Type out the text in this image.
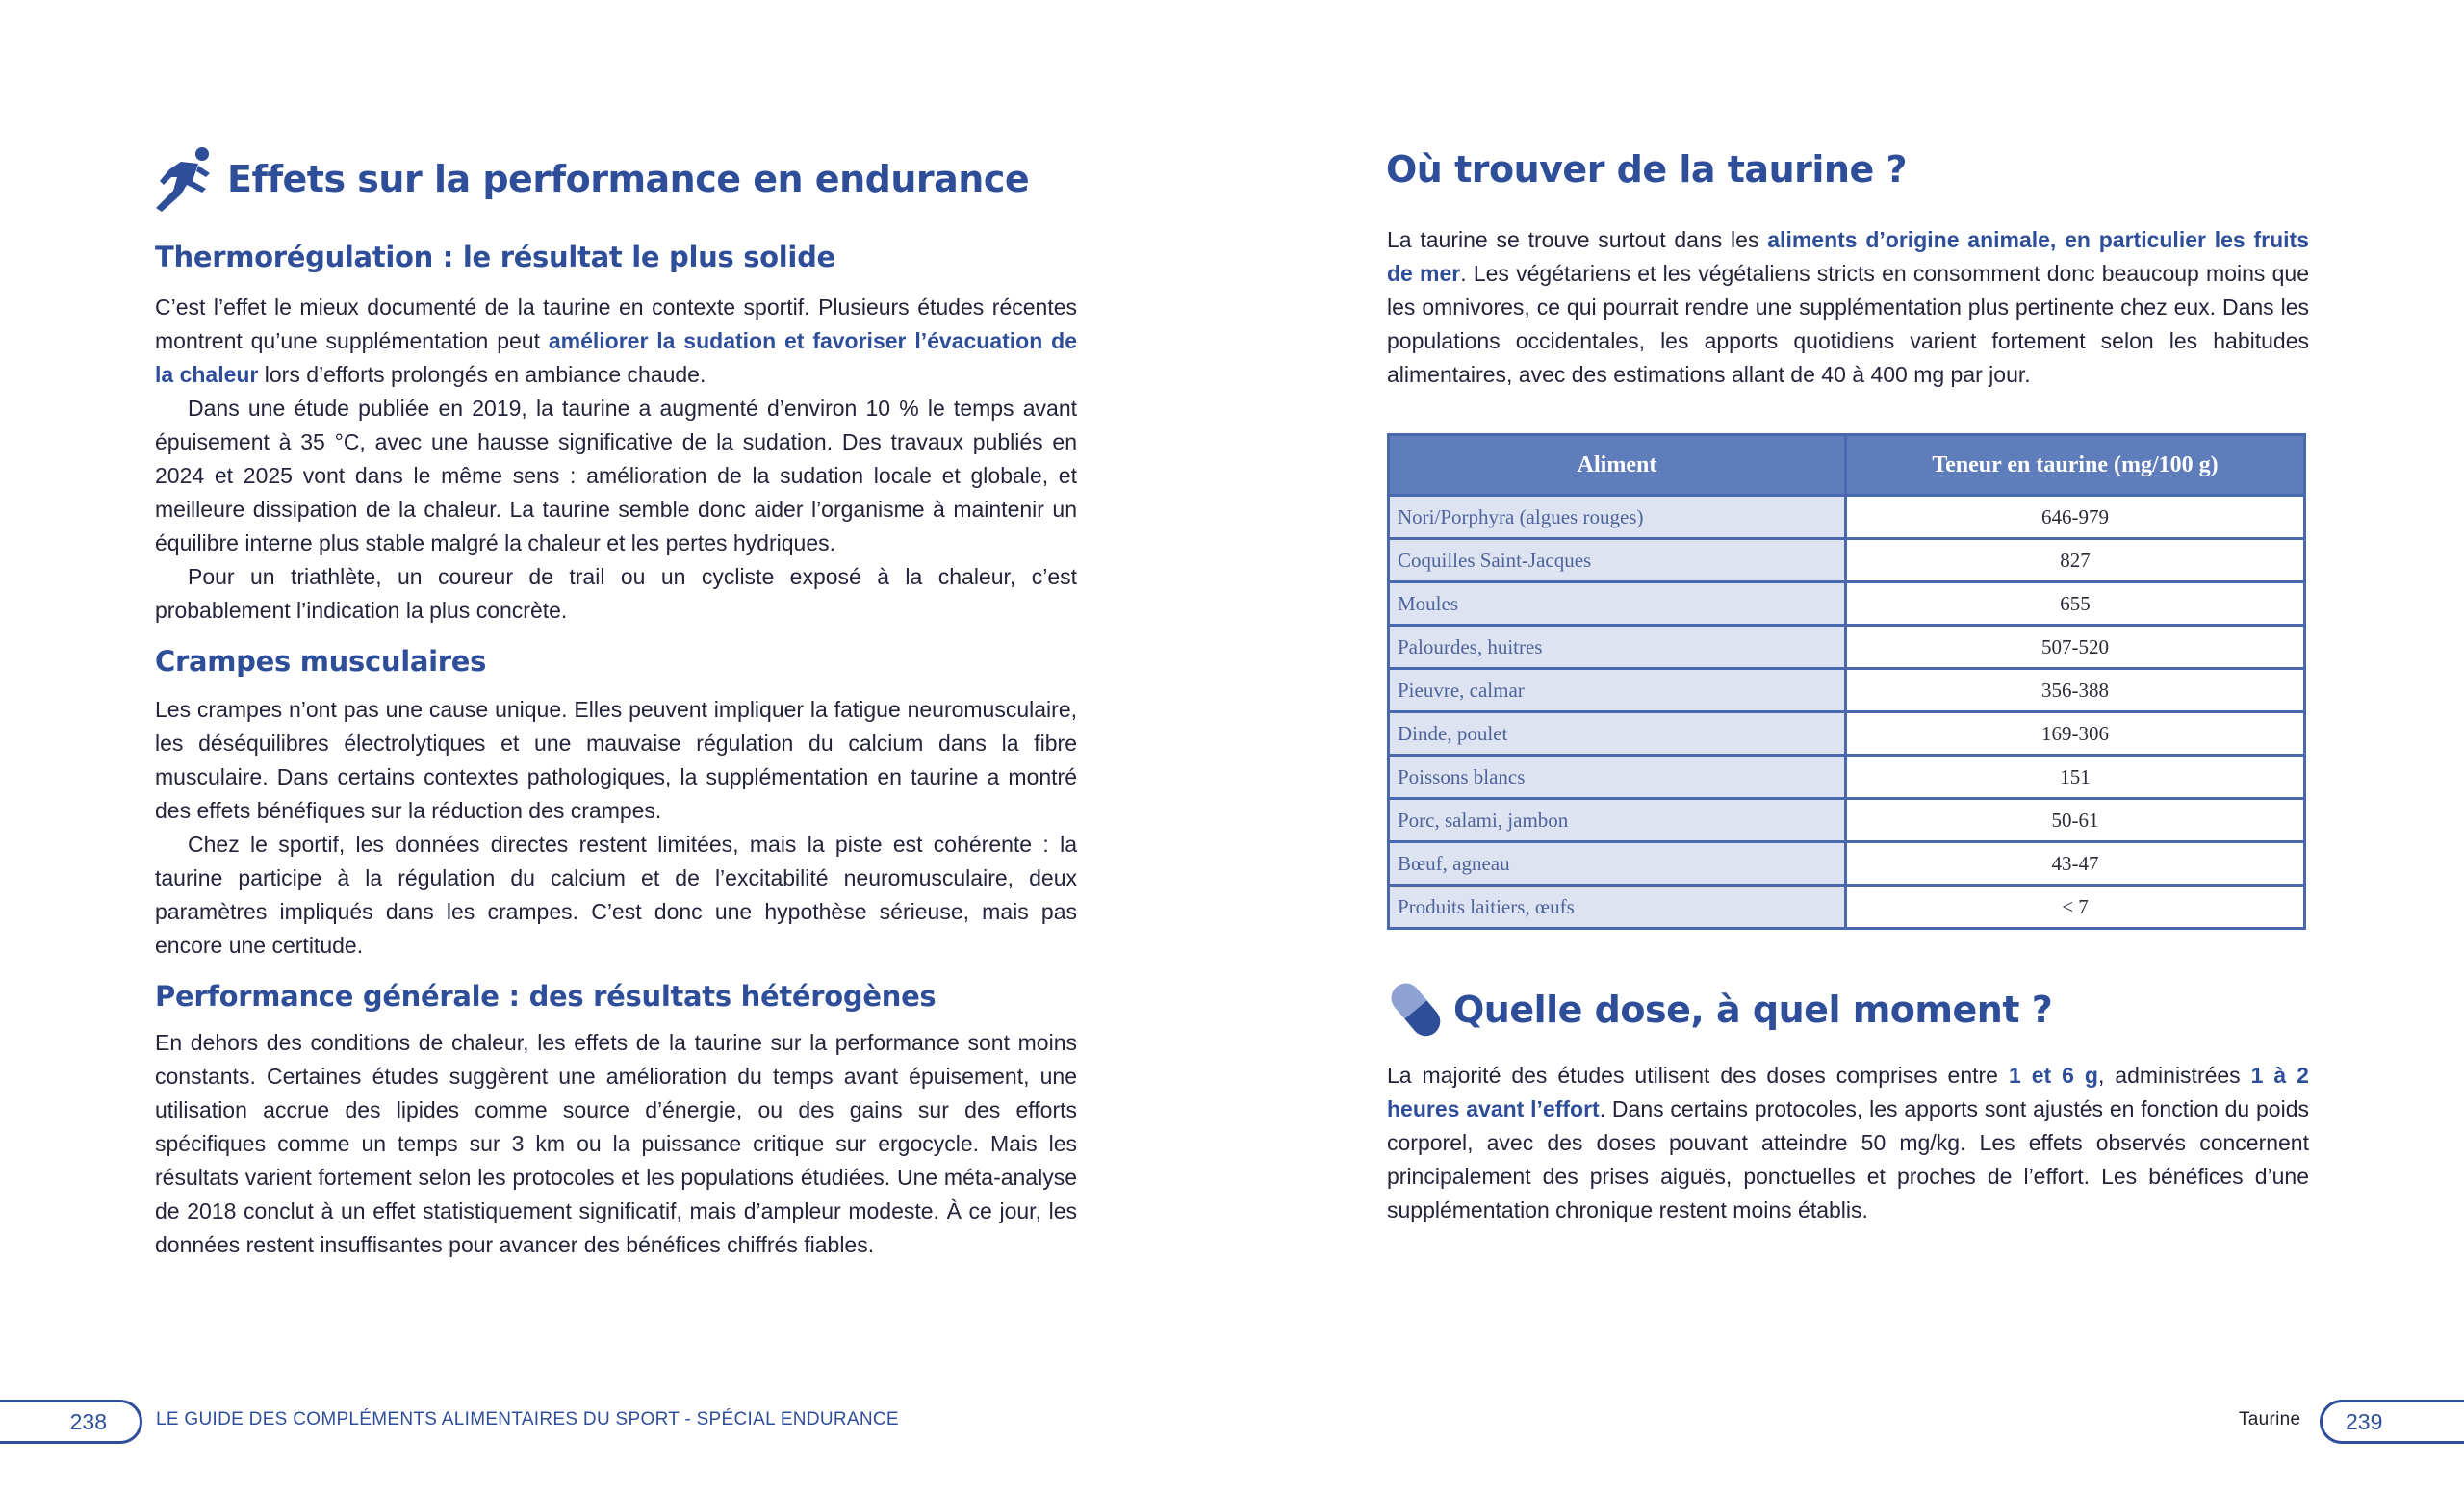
Effets sur la performance en endurance
Thermorégulation : le résultat le plus solide

C’est l’effet le mieux documenté de la taurine en contexte sportif. Plusieurs études récentes montrent qu’une supplémentation peut améliorer la sudation et favoriser l’évacuation de la chaleur lors d’efforts prolongés en ambiance chaude.

Dans une étude publiée en 2019, la taurine a augmenté d’environ 10 % le temps avant épuisement à 35 °C, avec une hausse significative de la sudation. Des travaux publiés en 2024 et 2025 vont dans le même sens : amélioration de la sudation locale et globale, et meilleure dissipation de la chaleur. La taurine semble donc aider l’organisme à maintenir un équilibre interne plus stable malgré la chaleur et les pertes hydriques.

Pour un triathlète, un coureur de trail ou un cycliste exposé à la chaleur, c’est probablement l’indication la plus concrète.

Crampes musculaires

Les crampes n’ont pas une cause unique. Elles peuvent impliquer la fatigue neuromusculaire, les déséquilibres électrolytiques et une mauvaise régulation du calcium dans la fibre musculaire. Dans certains contextes pathologiques, la supplémentation en taurine a montré des effets bénéfiques sur la réduction des crampes.

Chez le sportif, les données directes restent limitées, mais la piste est cohérente : la taurine participe à la régulation du calcium et de l’excitabilité neuromusculaire, deux paramètres impliqués dans les crampes. C’est donc une hypothèse sérieuse, mais pas encore une certitude.

Performance générale : des résultats hétérogènes

En dehors des conditions de chaleur, les effets de la taurine sur la performance sont moins constants. Certaines études suggèrent une amélioration du temps avant épuisement, une utilisation accrue des lipides comme source d’énergie, ou des gains sur des efforts spécifiques comme un temps sur 3 km ou la puissance critique sur ergocycle. Mais les résultats varient fortement selon les protocoles et les populations étudiées. Une méta-analyse de 2018 conclut à un effet statistiquement significatif, mais d’ampleur modeste. À ce jour, les données restent insuffisantes pour avancer des bénéfices chiffrés fiables.

238	LE GUIDE DES COMPLÉMENTS ALIMENTAIRES DU SPORT - SPÉCIAL ENDURANCE
Où trouver de la taurine ?

La taurine se trouve surtout dans les aliments d’origine animale, en particulier les fruits de mer. Les végétariens et les végétaliens stricts en consomment donc beaucoup moins que les omnivores, ce qui pourrait rendre une supplémentation plus pertinente chez eux. Dans les populations occidentales, les apports quotidiens varient fortement selon les habitudes alimentaires, avec des estimations allant de 40 à 400 mg par jour.

Aliment	Teneur en taurine (mg/100 g)
Nori/Porphyra (algues rouges)	646-979
Coquilles Saint-Jacques	827
Moules	655
Palourdes, huitres	507-520
Pieuvre, calmar	356-388
Dinde, poulet	169-306
Poissons blancs	151
Porc, salami, jambon	50-61
Bœuf, agneau	43-47
Produits laitiers, œufs	< 7
Quelle dose, à quel moment ?

La majorité des études utilisent des doses comprises entre 1 et 6 g, administrées 1 à 2 heures avant l’effort. Dans certains protocoles, les apports sont ajustés en fonction du poids corporel, avec des doses pouvant atteindre 50 mg/kg. Les effets observés concernent principalement des prises aiguës, ponctuelles et proches de l’effort. Les bénéfices d’une supplémentation chronique restent moins établis.

Taurine	239
